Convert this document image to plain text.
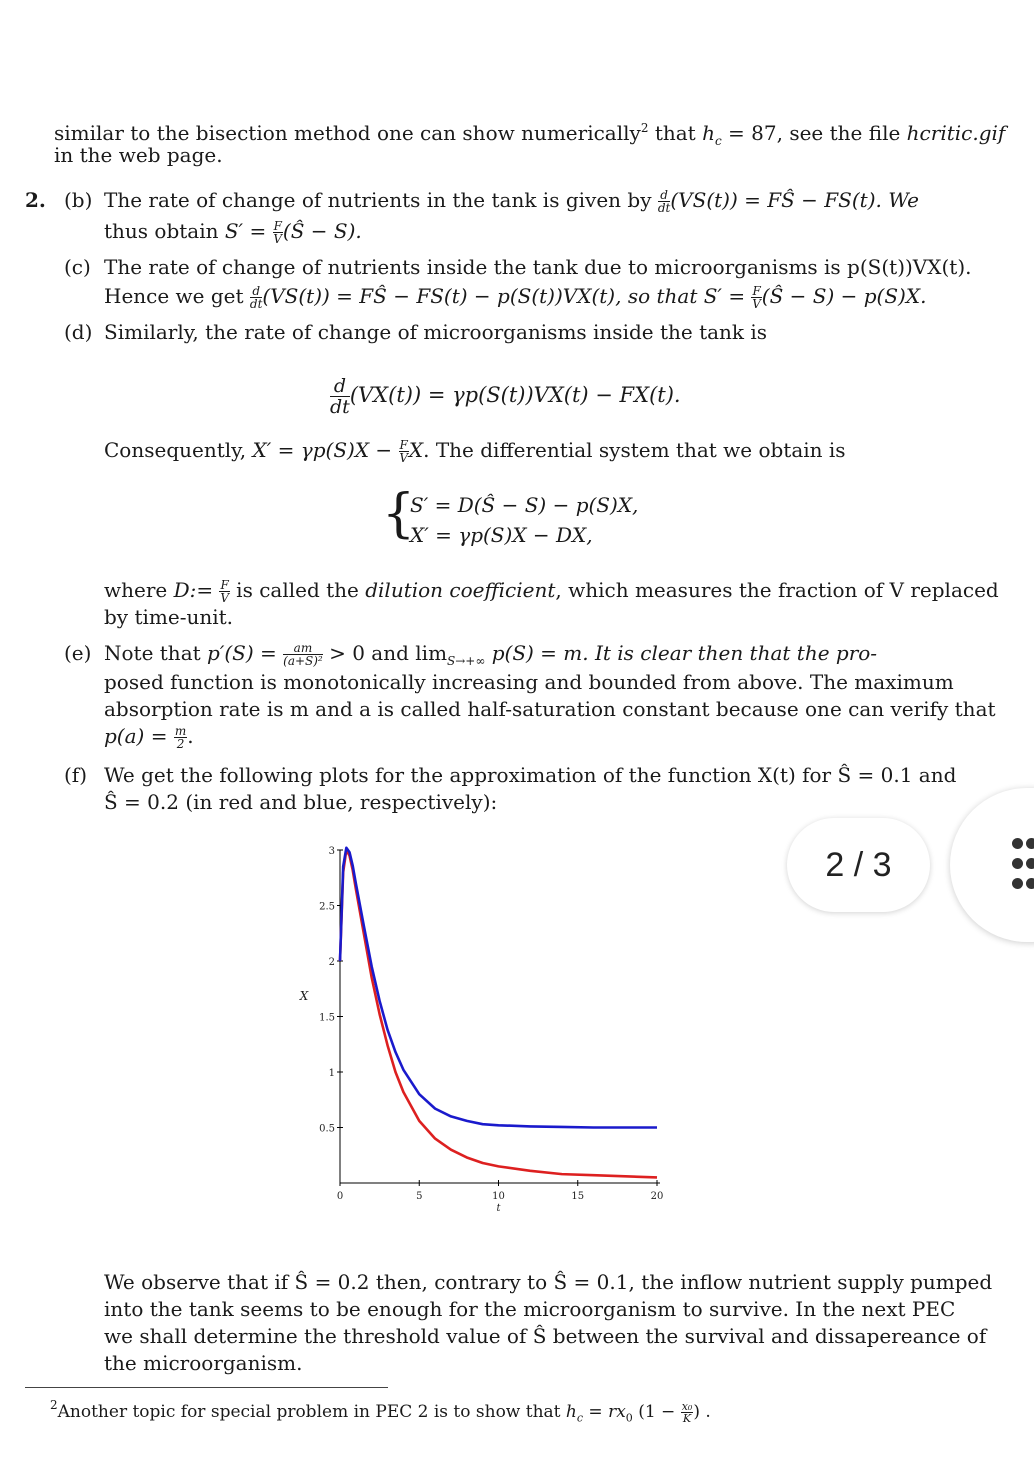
similar to the bisection method one can show numerically$^2$ that $h_c = 87$, see the file hcritic.gif
in the web page.
2. (b) The rate of change of nutrients in the tank is given by $\frac{d}{dt} (VS(t))$ = FŜ − FS(t). We
thus obtain $S' = \frac{F}{V}$ (Ŝ − S).
(c) The rate of change of nutrients inside the tank due to microorganisms is p(S(t))VX(t).
Hence we get $\frac{d}{dt} (VS(t))$ = FŜ − FS(t) − p(S(t))VX(t), so that $S' = \frac{F}{V}$ (Ŝ − S) − p(S)X.
(d) Similarly, the rate of change of microorganisms inside the tank is
$\frac{d}{dt} (VX(t)) = \gamma p(S(t))VX(t) - FX(t)$.
Consequently, $X' = \gamma p(S)X - \frac{F}{V} X$. The differential system that we obtain is
{
S′ = D(Ŝ − S) − p(S)X,
X′ = γp(S)X − DX,
where D:= $\frac{F}{V}$ is called the dilution coefficient, which measures the fraction of V replaced
by time-unit.
(e) Note that $p'(S) = \frac{am}{\text{(a+S)²}} > 0$ and $\lim_{S\to+\infty} p(S) = m$. It is clear then that the pro-
posed function is monotonically increasing and bounded from above. The maximum
absorption rate is m and a is called half-saturation constant because one can verify that
$p(a) = \frac{m}{2}$ .
(f) We get the following plots for the approximation of the function X(t) for Ŝ = 0.1 and
Ŝ = 0.2 (in red and blue, respectively):
3
2.5
2
1.5
1
0.5
0	5	10	15	20
t
X
We observe that if Ŝ = 0.2 then, contrary to Ŝ = 0.1, the inflow nutrient supply pumped
into the tank seems to be enough for the microorganism to survive. In the next PEC
we shall determine the threshold value of Ŝ between the survival and dissapereance of
the microorganism.
$^2$Another topic for special problem in PEC 2 is to show that $h_c = rx_0$ ($1 - \frac{\text{x₀}}{K}$ ) .
2 / 3
